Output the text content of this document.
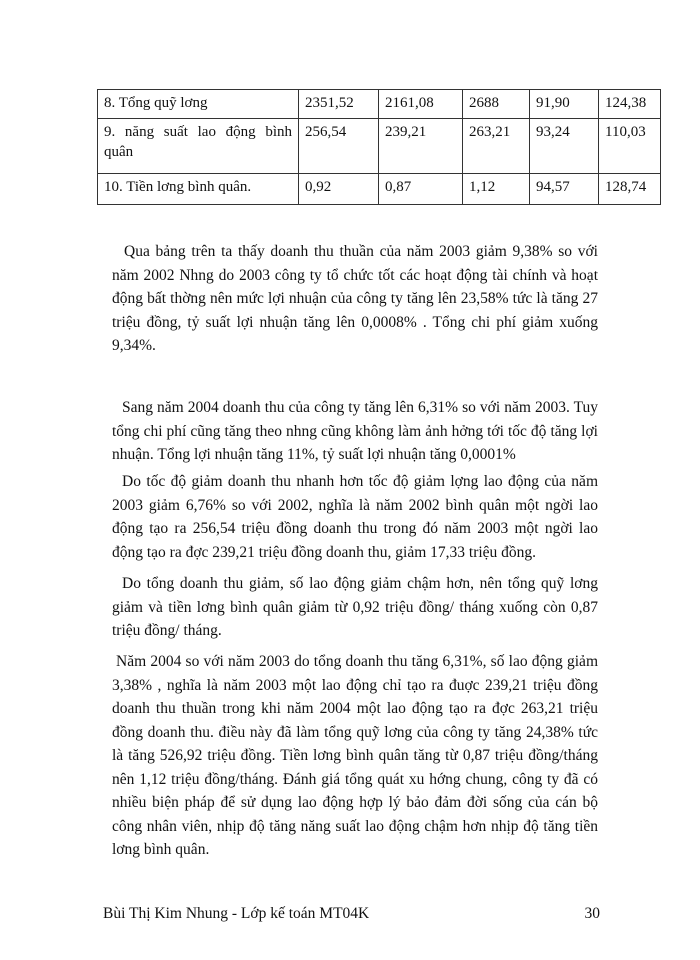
8. Tổng quỹ lơng	2351,52	2161,08	2688	91,90	124,38
9. năng suất lao động bình quân	256,54	239,21	263,21	93,24	110,03
10. Tiền lơng bình quân.	0,92	0,87	1,12	94,57	128,74

Qua bảng trên ta thấy doanh thu thuần của năm 2003 giảm 9,38% so với năm 2002 Nhng do 2003 công ty tổ chức tốt các hoạt động tài chính và hoạt động bất thờng nên mức lợi nhuận của công ty tăng lên 23,58% tức là tăng 27 triệu đồng, tỷ suất lợi nhuận tăng lên 0,0008% . Tổng chi phí giảm xuống 9,34%.

Sang năm 2004 doanh thu của công ty tăng lên 6,31% so với năm 2003. Tuy tổng chi phí cũng tăng theo nhng cũng không làm ảnh hởng tới tốc độ tăng lợi nhuận. Tổng lợi nhuận tăng 11%, tỷ suất lợi nhuận tăng 0,0001%

Do tốc độ giảm doanh thu nhanh hơn tốc độ giảm lợng lao động của năm 2003 giảm 6,76% so với 2002, nghĩa là năm 2002 bình quân một ngời lao động tạo ra 256,54 triệu đồng doanh thu trong đó năm 2003 một ngời lao động tạo ra đợc 239,21 triệu đồng doanh thu, giảm 17,33 triệu đồng.

Do tổng doanh thu giảm, số lao động giảm chậm hơn, nên tổng quỹ lơng giảm và tiền lơng bình quân giảm từ 0,92 triệu đồng/ tháng xuống còn 0,87 triệu đồng/ tháng.

Năm 2004 so với năm 2003 do tổng doanh thu tăng 6,31%, số lao động giảm 3,38% , nghĩa là năm 2003 một lao động chỉ tạo ra đuợc 239,21 triệu đồng doanh thu thuần trong khi năm 2004 một lao động tạo ra đợc 263,21 triệu đồng doanh thu. điều này đã làm tổng quỹ lơng của công ty tăng 24,38% tức là tăng 526,92 triệu đồng. Tiền lơng bình quân tăng từ 0,87 triệu đồng/tháng nên 1,12 triệu đồng/tháng. Đánh giá tổng quát xu hớng chung, công ty đã có nhiều biện pháp để sử dụng lao động hợp lý bảo đảm đời sống của cán bộ công nhân viên, nhịp độ tăng năng suất lao động chậm hơn nhịp độ tăng tiền lơng bình quân.

Bùi Thị Kim Nhung - Lớp kế toán MT04K	30
